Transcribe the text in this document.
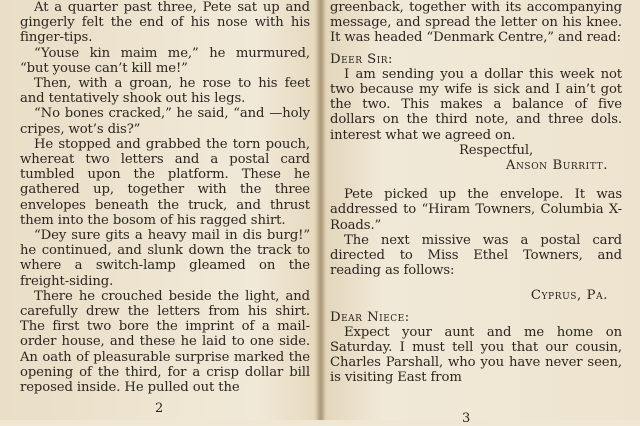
At a quarter past three, Pete sat up and gingerly felt the end of his nose with his finger-tips.

“Youse kin maim me,” he murmured, “but youse can’t kill me!”

Then, with a groan, he rose to his feet and tentatively shook out his legs.

“No bones cracked,” he said, “and —holy cripes, wot’s dis?”

He stopped and grabbed the torn pouch, whereat two letters and a postal card tumbled upon the platform. These he gathered up, together with the three envelopes beneath the truck, and thrust them into the bosom of his ragged shirt.

“Dey sure gits a heavy mail in dis burg!” he continued, and slunk down the track to where a switch-lamp gleamed on the freight-siding.

There he crouched beside the light, and carefully drew the letters from his shirt. The first two bore the imprint of a mail-order house, and these he laid to one side. An oath of pleasurable surprise marked the opening of the third, for a crisp dollar bill reposed inside. He pulled out the

2

greenback, together with its accompanying message, and spread the letter on his knee. It was headed “Denmark Centre,” and read:

Deer Sir:

I am sending you a dollar this week not two because my wife is sick and I ain’t got the two. This makes a balance of five dollars on the third note, and three dols. interest what we agreed on.

Respectful,

Anson Burritt.

Pete picked up the envelope. It was addressed to “Hiram Towners, Columbia X-Roads.”

The next missive was a postal card directed to Miss Ethel Towners, and reading as follows:

Cyprus, Pa.

Dear Niece:

Expect your aunt and me home on Saturday. I must tell you that our cousin, Charles Parshall, who you have never seen, is visiting East from

3
